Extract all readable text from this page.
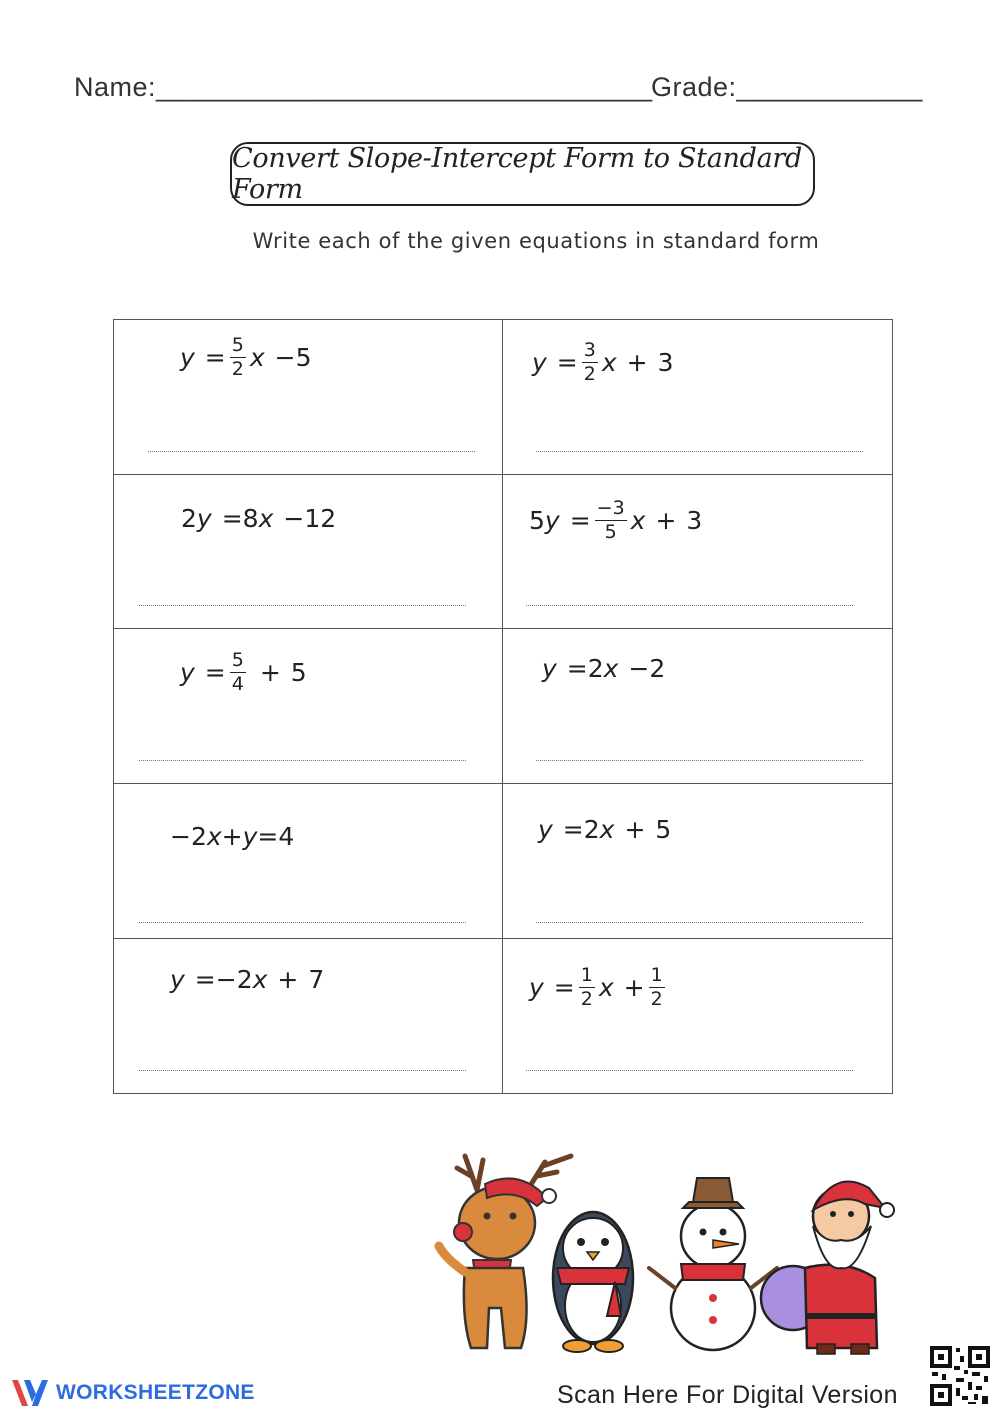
Name:________________________________
Grade:____________
Convert Slope-Intercept Form to Standard Form
Write each of the given equations in standard form
$y = \frac{5}{2}$ x − 5	$y = \frac{3}{2}$ x + 3
2 y = 8 x − 12	5 $y = \frac{-3}{5}$ x + 3
$y = \frac{5}{4} + 5$	y = 2 x − 2
−2 x + y = 4	y = 2 x + 5
y = −2 x + 7	$y = \frac{1}{2}$ $x + \frac{1}{2}$
WORKSHEETZONE	Scan Here For Digital Version
